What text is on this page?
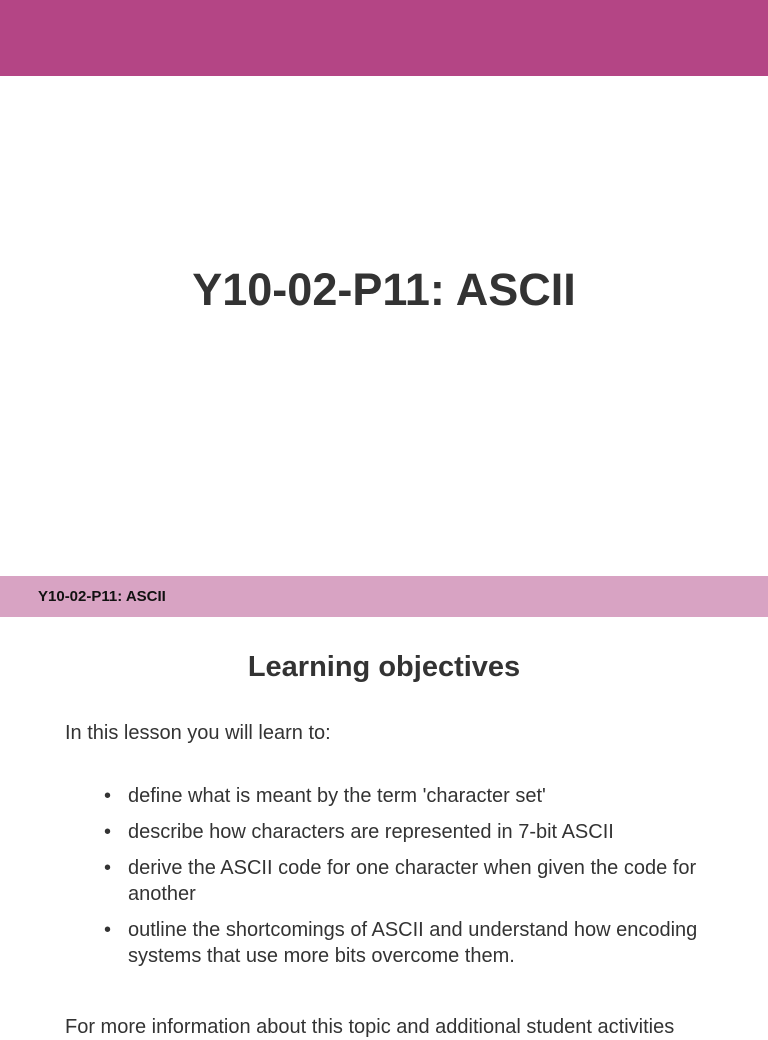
Y10-02-P11: ASCII
Y10-02-P11: ASCII
Learning objectives
In this lesson you will learn to:
• define what is meant by the term 'character set'
• describe how characters are represented in 7-bit ASCII
• derive the ASCII code for one character when given the code for another
• outline the shortcomings of ASCII and understand how encoding systems that use more bits overcome them.
For more information about this topic and additional student activities
